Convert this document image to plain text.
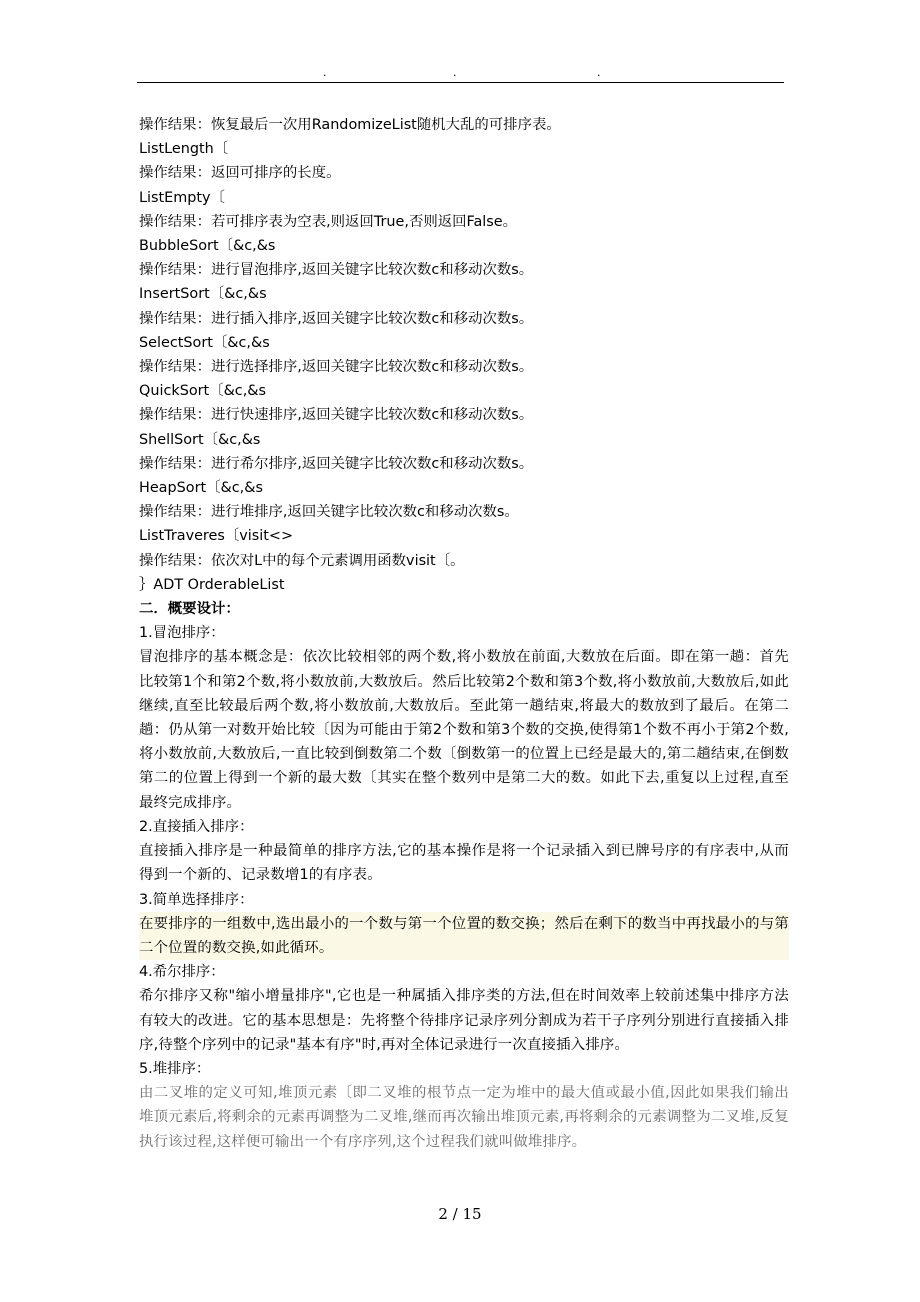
.	.	.
操作结果：恢复最后一次用RandomizeList随机大乱的可排序表。
ListLength〔
操作结果：返回可排序的长度。
ListEmpty〔
操作结果：若可排序表为空表,则返回True,否则返回False。
BubbleSort〔&c,&s
操作结果：进行冒泡排序,返回关键字比较次数c和移动次数s。
InsertSort〔&c,&s
操作结果：进行插入排序,返回关键字比较次数c和移动次数s。
SelectSort〔&c,&s
操作结果：进行选择排序,返回关键字比较次数c和移动次数s。
QuickSort〔&c,&s
操作结果：进行快速排序,返回关键字比较次数c和移动次数s。
ShellSort〔&c,&s
操作结果：进行希尔排序,返回关键字比较次数c和移动次数s。
HeapSort〔&c,&s
操作结果：进行堆排序,返回关键字比较次数c和移动次数s。
ListTraveres〔visit<>
操作结果：依次对L中的每个元素调用函数visit〔。
｝ADT OrderableList
二．概要设计：
1.冒泡排序：
冒泡排序的基本概念是：依次比较相邻的两个数,将小数放在前面,大数放在后面。即在第一趟：首先比较第1个和第2个数,将小数放前,大数放后。然后比较第2个数和第3个数,将小数放前,大数放后,如此继续,直至比较最后两个数,将小数放前,大数放后。至此第一趟结束,将最大的数放到了最后。在第二趟：仍从第一对数开始比较〔因为可能由于第2个数和第3个数的交换,使得第1个数不再小于第2个数,将小数放前,大数放后,一直比较到倒数第二个数〔倒数第一的位置上已经是最大的,第二趟结束,在倒数第二的位置上得到一个新的最大数〔其实在整个数列中是第二大的数。如此下去,重复以上过程,直至最终完成排序。
2.直接插入排序：
直接插入排序是一种最简单的排序方法,它的基本操作是将一个记录插入到已牌号序的有序表中,从而得到一个新的、记录数增1的有序表。
3.简单选择排序：
在要排序的一组数中,选出最小的一个数与第一个位置的数交换；然后在剩下的数当中再找最小的与第二个位置的数交换,如此循环。
4.希尔排序：
希尔排序又称"缩小增量排序",它也是一种属插入排序类的方法,但在时间效率上较前述集中排序方法有较大的改进。它的基本思想是：先将整个待排序记录序列分割成为若干子序列分别进行直接插入排序,待整个序列中的记录"基本有序"时,再对全体记录进行一次直接插入排序。
5.堆排序：
由二叉堆的定义可知,堆顶元素〔即二叉堆的根节点一定为堆中的最大值或最小值,因此如果我们输出堆顶元素后,将剩余的元素再调整为二叉堆,继而再次输出堆顶元素,再将剩余的元素调整为二叉堆,反复执行该过程,这样便可输出一个有序序列,这个过程我们就叫做堆排序。
2 / 15
